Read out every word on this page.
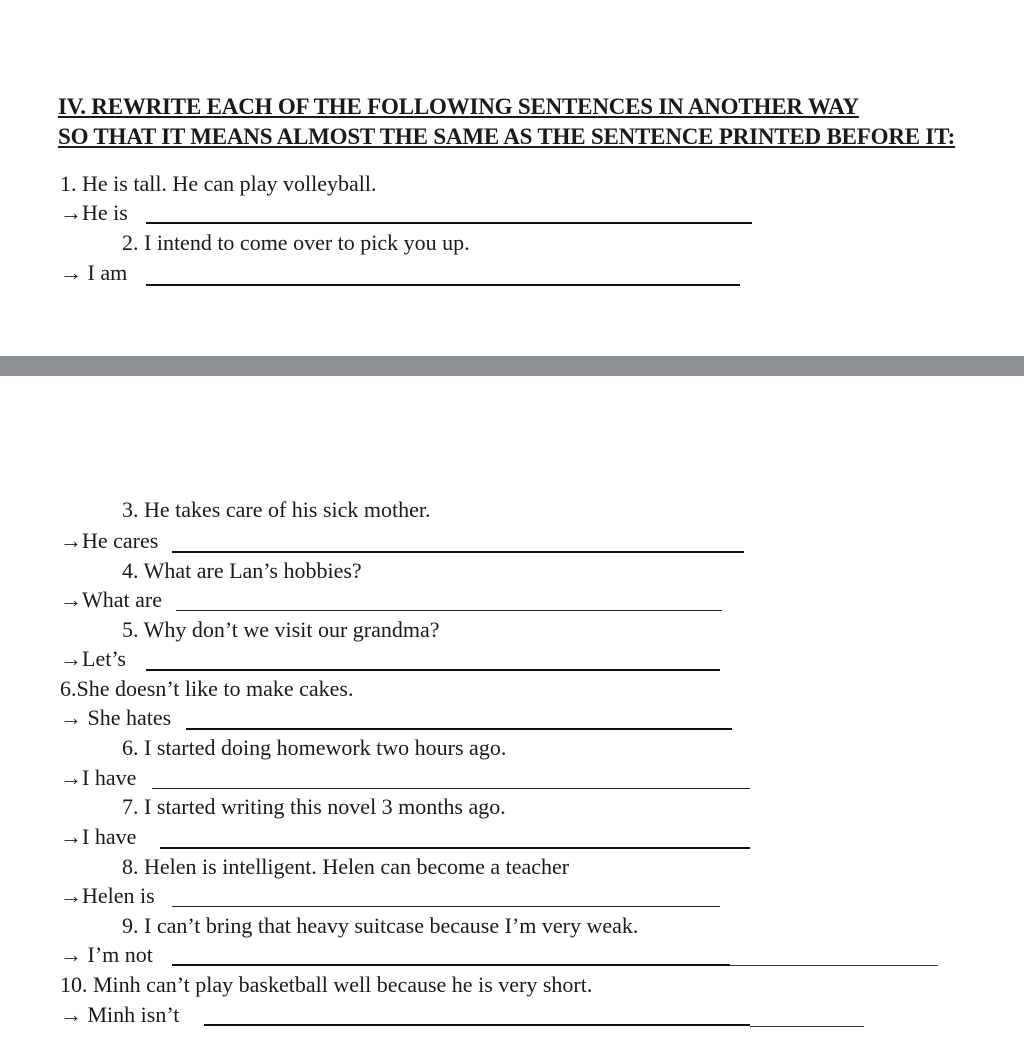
IV. REWRITE EACH OF THE FOLLOWING SENTENCES IN ANOTHER WAY
SO THAT IT MEANS ALMOST THE SAME AS THE SENTENCE PRINTED BEFORE IT:
1. He is tall. He can play volleyball.
→He is
2. I intend to come over to pick you up.
→ I am
3. He takes care of his sick mother.
→He cares
4. What are Lan’s hobbies?
→What are
5. Why don’t we visit our grandma?
→Let’s
6.She doesn’t like to make cakes.
→ She hates
6. I started doing homework two hours ago.
→I have
7. I started writing this novel 3 months ago.
→I have
8. Helen is intelligent. Helen can become a teacher
→Helen is
9. I can’t bring that heavy suitcase because I’m very weak.
→ I’m not
10. Minh can’t play basketball well because he is very short.
→ Minh isn’t
